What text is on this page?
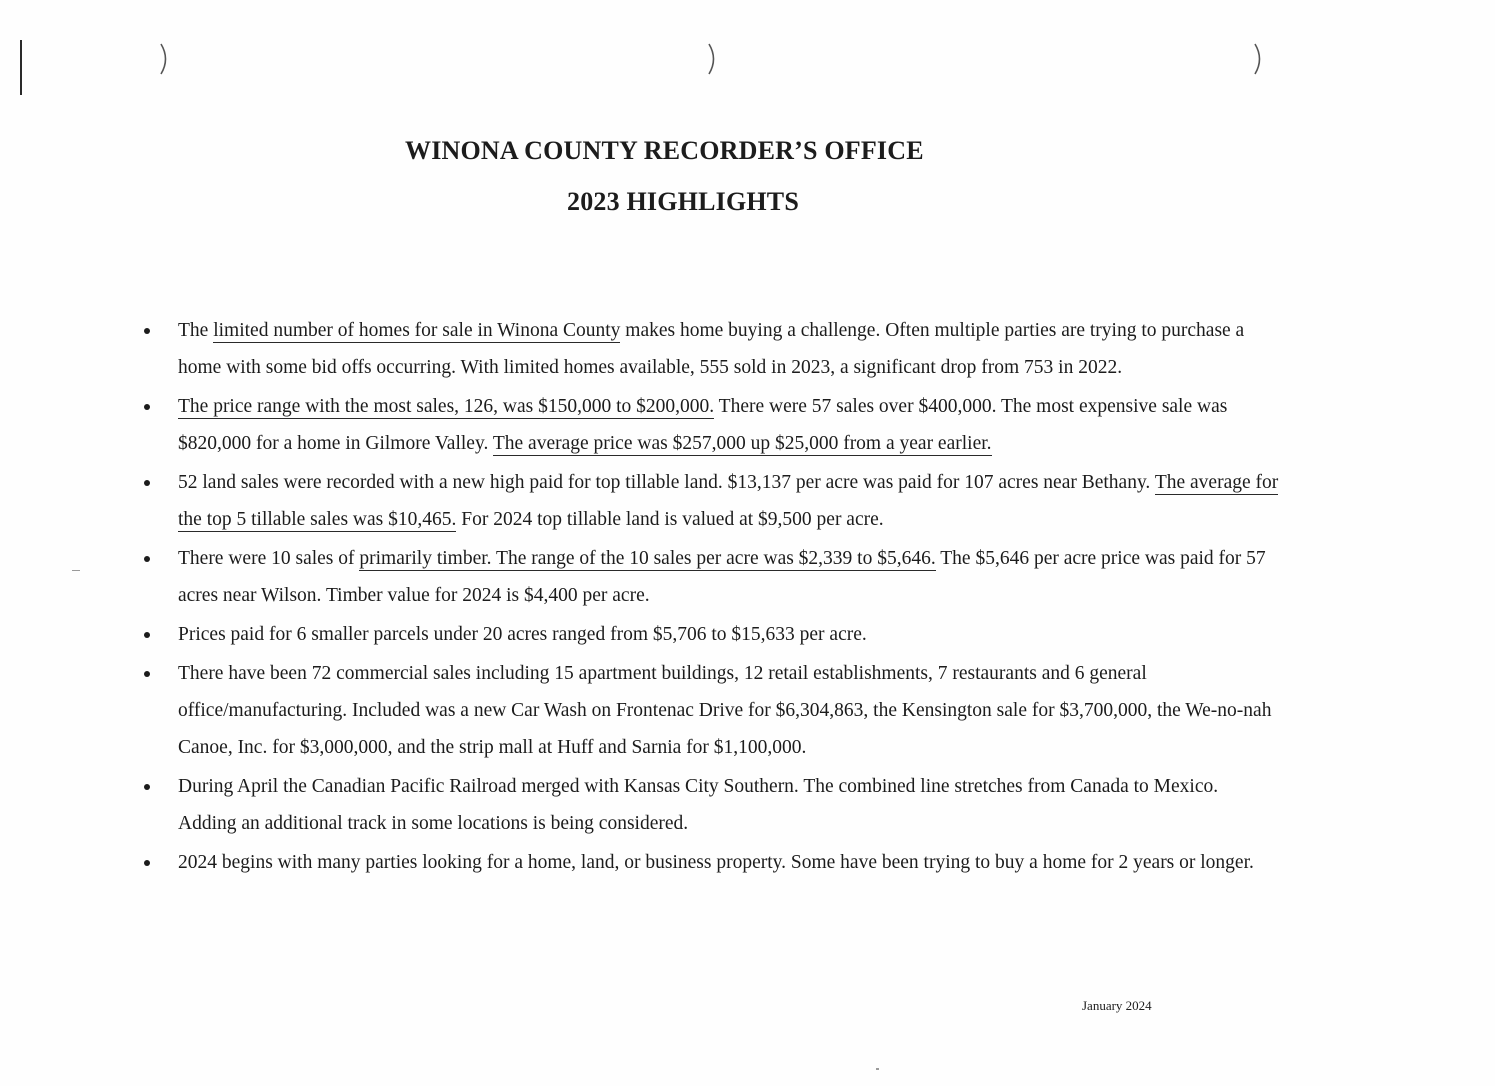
WINONA COUNTY RECORDER’S OFFICE
2023 HIGHLIGHTS
The limited number of homes for sale in Winona County makes home buying a challenge. Often multiple parties are trying to purchase a home with some bid offs occurring. With limited homes available, 555 sold in 2023, a significant drop from 753 in 2022.
The price range with the most sales, 126, was $150,000 to $200,000. There were 57 sales over $400,000. The most expensive sale was $820,000 for a home in Gilmore Valley. The average price was $257,000 up $25,000 from a year earlier.
52 land sales were recorded with a new high paid for top tillable land. $13,137 per acre was paid for 107 acres near Bethany. The average for the top 5 tillable sales was $10,465. For 2024 top tillable land is valued at $9,500 per acre.
There were 10 sales of primarily timber. The range of the 10 sales per acre was $2,339 to $5,646. The $5,646 per acre price was paid for 57 acres near Wilson. Timber value for 2024 is $4,400 per acre.
Prices paid for 6 smaller parcels under 20 acres ranged from $5,706 to $15,633 per acre.
There have been 72 commercial sales including 15 apartment buildings, 12 retail establishments, 7 restaurants and 6 general office/manufacturing. Included was a new Car Wash on Frontenac Drive for $6,304,863, the Kensington sale for $3,700,000, the We-no-nah Canoe, Inc. for $3,000,000, and the strip mall at Huff and Sarnia for $1,100,000.
During April the Canadian Pacific Railroad merged with Kansas City Southern. The combined line stretches from Canada to Mexico. Adding an additional track in some locations is being considered.
2024 begins with many parties looking for a home, land, or business property. Some have been trying to buy a home for 2 years or longer.
January 2024
